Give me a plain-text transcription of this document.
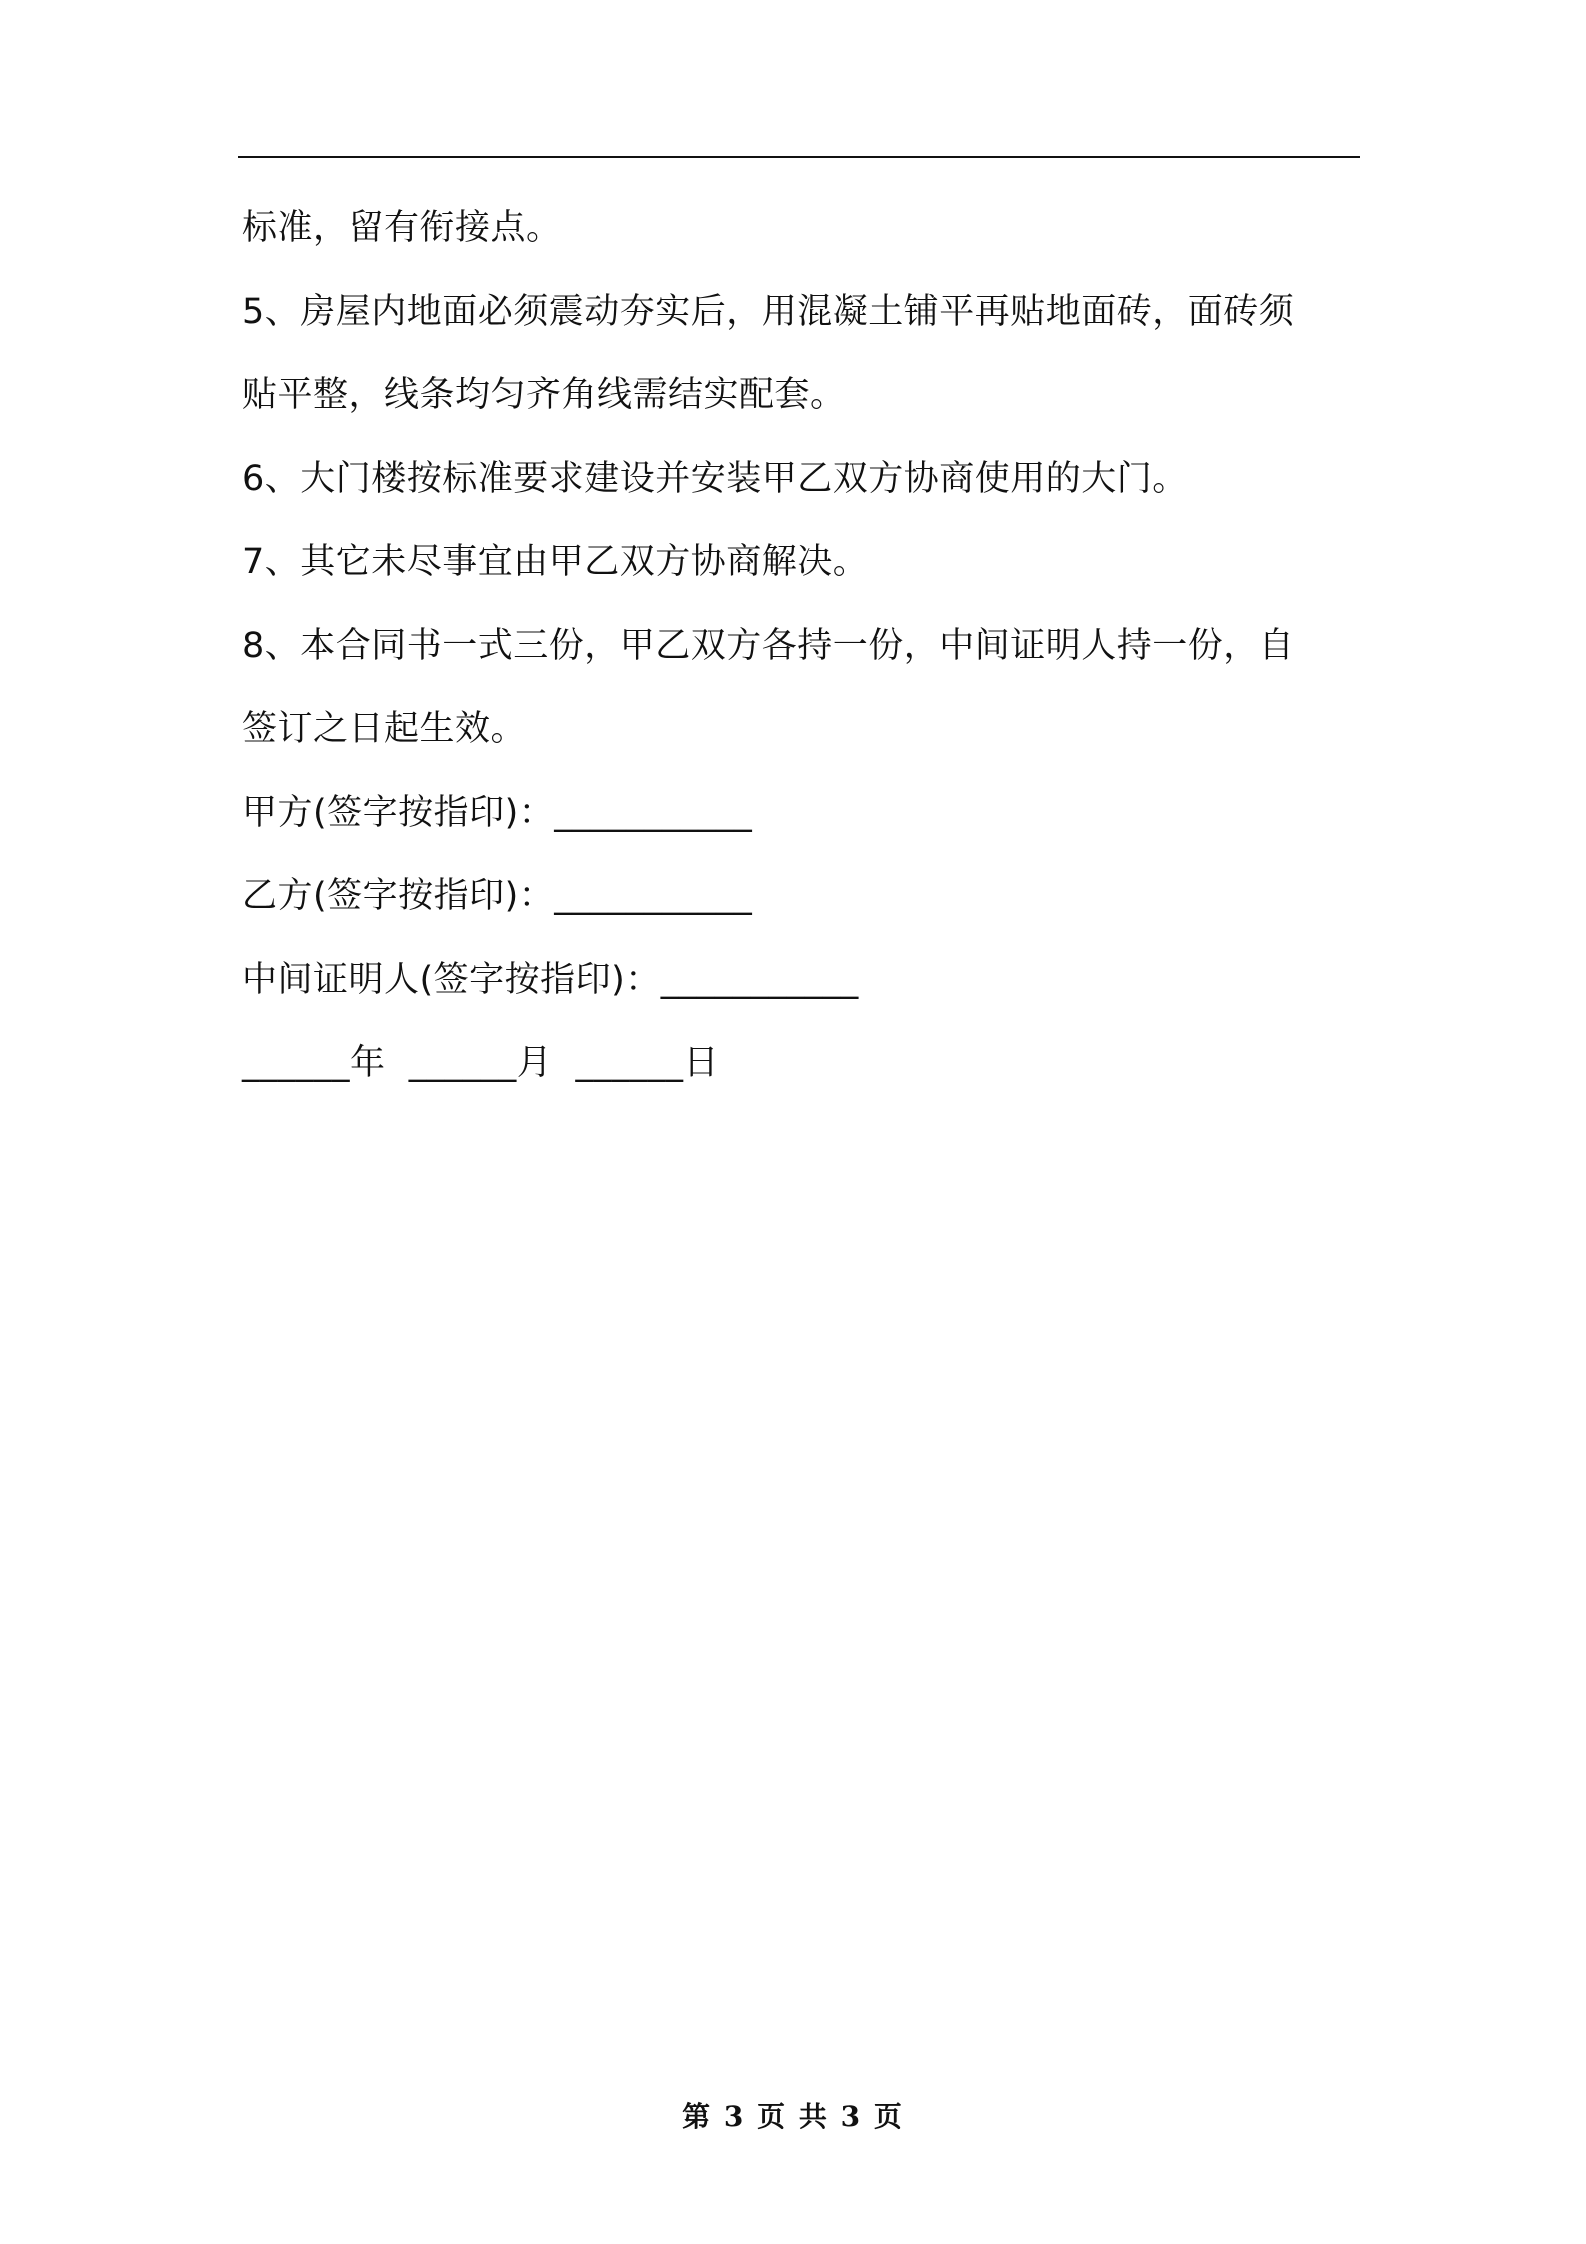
标准，留有衔接点。
5、房屋内地面必须震动夯实后，用混凝土铺平再贴地面砖，面砖须
贴平整，线条均匀齐角线需结实配套。
6、大门楼按标准要求建设并安装甲乙双方协商使用的大门。
7、其它未尽事宜由甲乙双方协商解决。
8、本合同书一式三份，甲乙双方各持一份，中间证明人持一份，自
签订之日起生效。
甲方(签字按指印)：___________
乙方(签字按指印)：___________
中间证明人(签字按指印)：___________
______年  ______月  ______日
第 3 页 共 3 页
